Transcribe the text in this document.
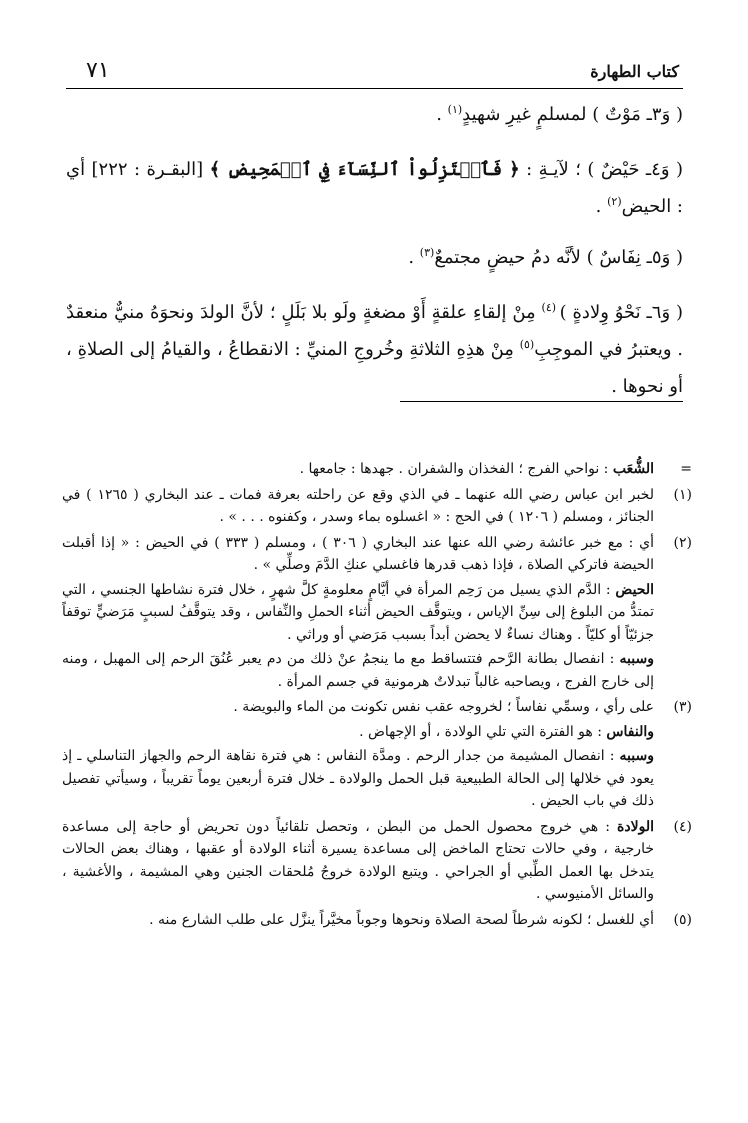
٧١	كتاب الطهارة

( وَ٣ـ مَوْتٌ ) لمسلمٍ غيرِ شهيدٍ$^{(١)}$ .

( وَ٤ـ حَيْضٌ ) ؛ لآيـةِ : ﴿ فَٱعۡتَزِلُواْ ٱلنِّسَآءَ فِي ٱلۡمَحِيضِ ﴾ [البقـرة : ٢٢٢] أي : الحيض$^{(٢)}$ .

( وَ٥ـ نِفَاسٌ ) لأنَّه دمُ حيضٍ مجتمعٌ$^{(٣)}$ .

( وَ٦ـ نَحْوُ وِلادةٍ ) $^{(٤)}$ مِنْ إلقاءِ علقةٍ أَوْ مضغةٍ ولَو بلا بَلَلٍ ؛ لأنَّ الولدَ ونحوَهُ منيٌّ منعقدٌ . ويعتبرُ في الموجِبِ$^{(٥)}$ مِنْ هذِهِ الثلاثةِ وخُروجِ المنيِّ : الانقطاعُ ، والقيامُ إلى الصلاةِ ، أو نحوها .

=
الشُّعَب : نواحي الفرج ؛ الفخذان والشفران . جهدها : جامعها .
(١)
لخبر ابن عباس رضي الله عنهما ـ في الذي وقع عن راحلته بعرفة فمات ـ عند البخاري ( ١٢٦٥ ) في الجنائز ، ومسلم ( ١٢٠٦ ) في الحج : « اغسلوه بماء وسدر ، وكفنوه . . . » .
(٢)
أي : مع خبر عائشة رضي الله عنها عند البخاري ( ٣٠٦ ) ، ومسلم ( ٣٣٣ ) في الحيض : « إذا أقبلت الحيضة فاتركي الصلاة ، فإذا ذهب قدرها فاغسلي عنكِ الدَّمَ وصلِّي » .
الحيض : الدَّم الذي يسيل من رَحِم المرأة في أيَّامٍ معلومةٍ كلَّ شهرٍ ، خلال فترة نشاطها الجنسي ، التي تمتدُّ من البلوغ إلى سِنِّ الإياس ، ويتوقَّف الحيض أثناء الحملِ والنِّفاس ، وقد يتوقَّفُ لسببٍ مَرَضيٍّ توقفاً جزئيّاً أو كليّاً . وهناك نساءٌ لا يحضن أبداً بسبب مَرَضي أو وراثي .
وسببه : انفصال بطانة الرَّحم فتتساقط مع ما ينجمُ عنْ ذلك من دم يعبر عُنُقَ الرحم إلى المهبل ، ومنه إلى خارج الفرج ، ويصاحبه غالباً تبدلاتٌ هرمونية في جسم المرأة .
(٣)
على رأي ، وسمِّي نفاساً ؛ لخروجه عقب نفس تكونت من الماء والبويضة .
والنفاس : هو الفترة التي تلي الولادة ، أو الإجهاض .
وسببه : انفصال المشيمة من جدار الرحم . ومدَّة النفاس : هي فترة نقاهة الرحم والجهاز التناسلي ـ إذ يعود في خلالها إلى الحالة الطبيعية قبل الحمل والولادة ـ خلال فترة أربعين يوماً تقريباً ، وسيأتي تفصيل ذلك في باب الحيض .
(٤)
الولادة : هي خروج محصول الحمل من البطن ، وتحصل تلقائياً دون تحريض أو حاجة إلى مساعدة خارجية ، وفي حالات تحتاج الماخض إلى مساعدة يسيرة أثناء الولادة أو عقبها ، وهناك بعض الحالات يتدخل بها العمل الطِّبي أو الجراحي . ويتبع الولادة خروجُ مُلحقات الجنين وهي المشيمة ، والأغشية ، والسائل الأمنيوسي .
(٥)
أي للغسل ؛ لكونه شرطاً لصحة الصلاة ونحوها وجوباً مخيَّراً ينزَّل على طلب الشارع منه .
